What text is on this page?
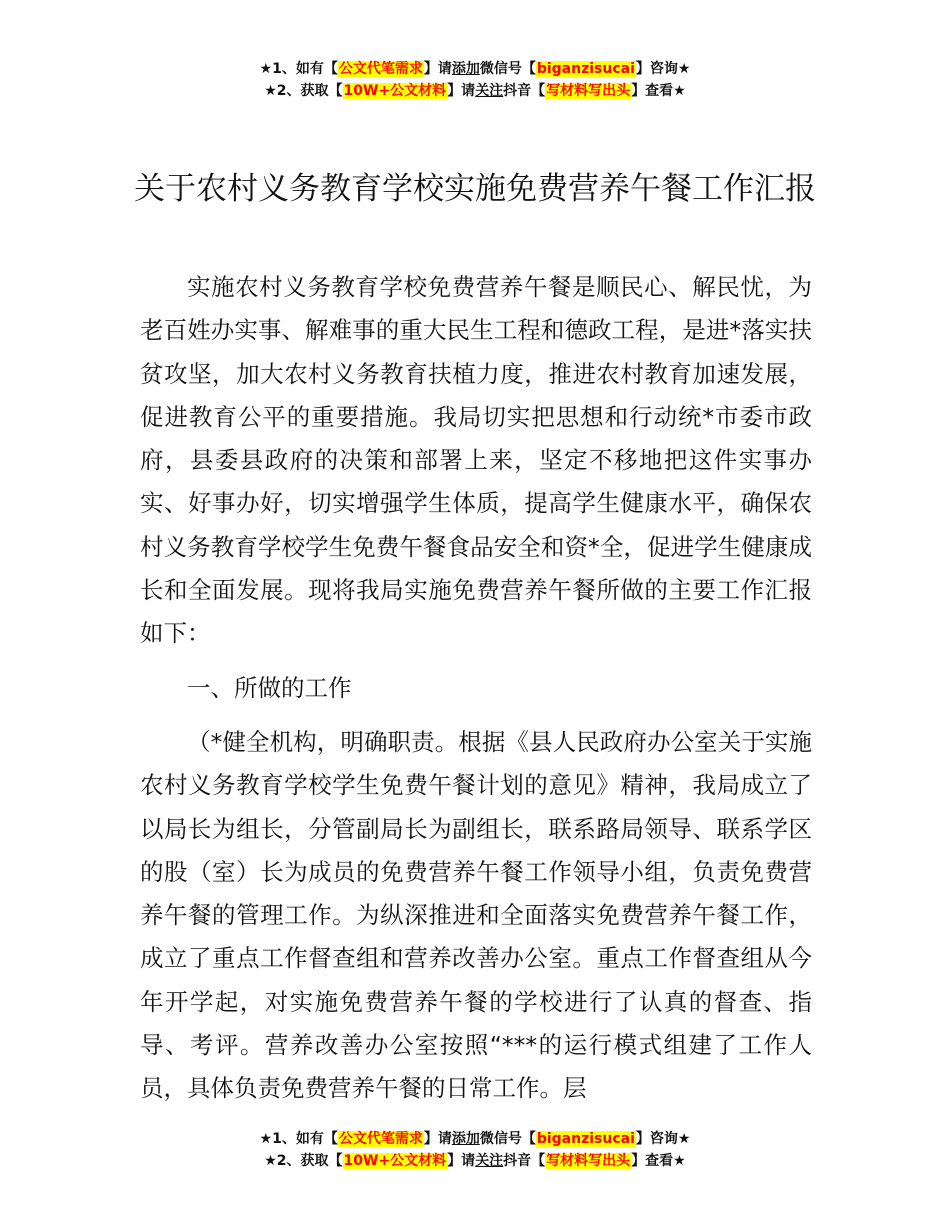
★1、如有【公文代笔需求】请添加微信号【biganzisucai】咨询★
★2、获取【10W+公文材料】请关注抖音【写材料写出头】查看★
关于农村义务教育学校实施免费营养午餐工作汇报

实施农村义务教育学校免费营养午餐是顺民心、解民忧，为老百姓办实事、解难事的重大民生工程和德政工程，是进*落实扶贫攻坚，加大农村义务教育扶植力度，推进农村教育加速发展，促进教育公平的重要措施。我局切实把思想和行动统*市委市政府，县委县政府的决策和部署上来，坚定不移地把这件实事办实、好事办好，切实增强学生体质，提高学生健康水平，确保农村义务教育学校学生免费午餐食品安全和资*全，促进学生健康成长和全面发展。现将我局实施免费营养午餐所做的主要工作汇报如下：

一、所做的工作

（*健全机构，明确职责。根据《县人民政府办公室关于实施农村义务教育学校学生免费午餐计划的意见》精神，我局成立了以局长为组长，分管副局长为副组长，联系路局领导、联系学区的股（室）长为成员的免费营养午餐工作领导小组，负责免费营养午餐的管理工作。为纵深推进和全面落实免费营养午餐工作，成立了重点工作督查组和营养改善办公室。重点工作督查组从今年开学起，对实施免费营养午餐的学校进行了认真的督查、指导、考评。营养改善办公室按照“***的运行模式组建了工作人员，具体负责免费营养午餐的日常工作。层

★1、如有【公文代笔需求】请添加微信号【biganzisucai】咨询★
★2、获取【10W+公文材料】请关注抖音【写材料写出头】查看★
